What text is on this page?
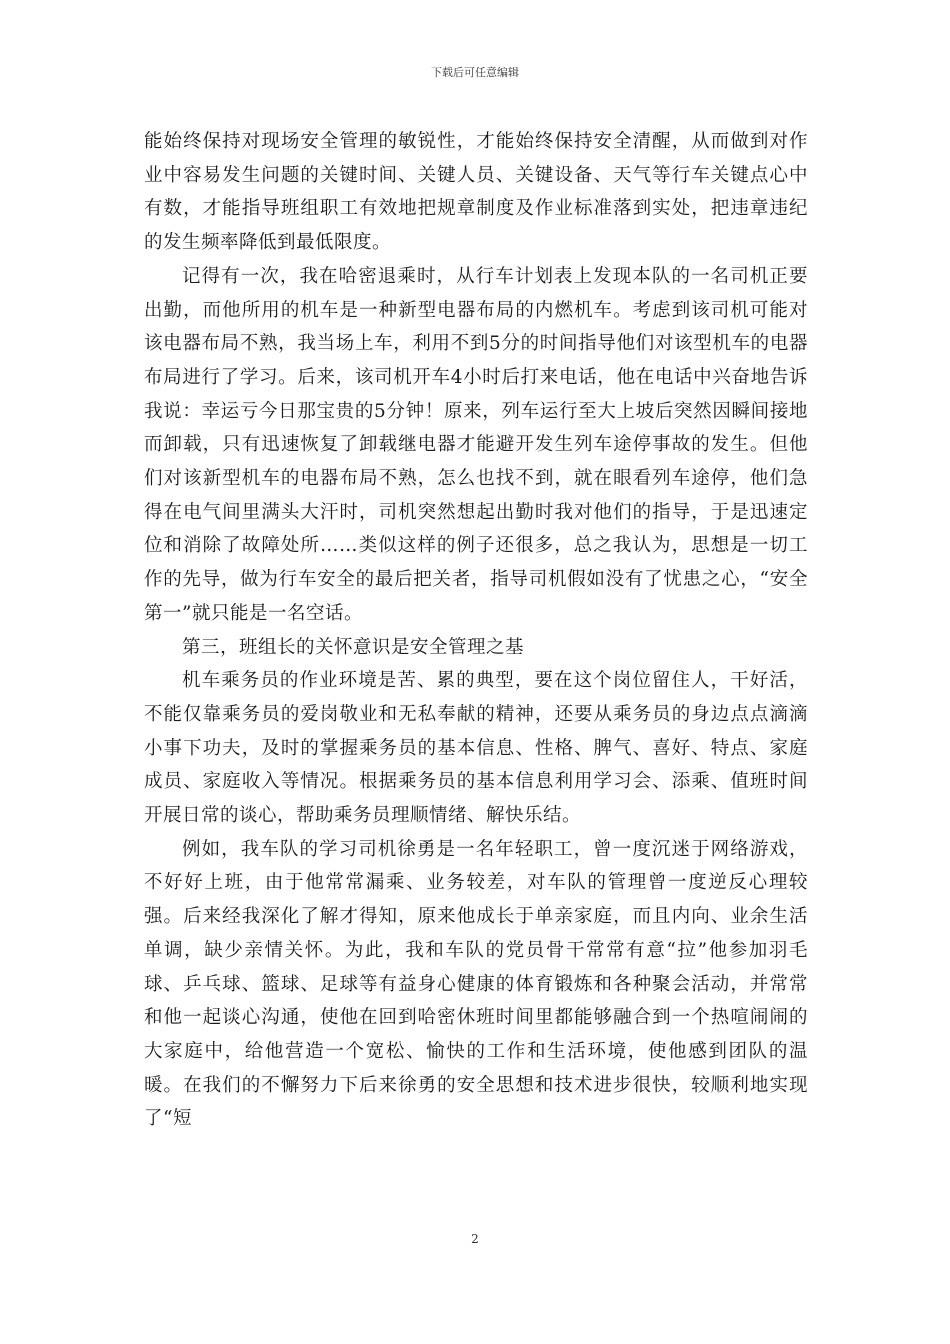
下载后可任意编辑

能始终保持对现场安全管理的敏锐性，才能始终保持安全清醒，从而做到对作业中容易发生问题的关键时间、关键人员、关键设备、天气等行车关键点心中有数，才能指导班组职工有效地把规章制度及作业标准落到实处，把违章违纪的发生频率降低到最低限度。

记得有一次，我在哈密退乘时，从行车计划表上发现本队的一名司机正要出勤，而他所用的机车是一种新型电器布局的内燃机车。考虑到该司机可能对该电器布局不熟，我当场上车，利用不到5分的时间指导他们对该型机车的电器布局进行了学习。后来，该司机开车4小时后打来电话，他在电话中兴奋地告诉我说：幸运亏今日那宝贵的5分钟！原来，列车运行至大上坡后突然因瞬间接地而卸载，只有迅速恢复了卸载继电器才能避开发生列车途停事故的发生。但他们对该新型机车的电器布局不熟，怎么也找不到，就在眼看列车途停，他们急得在电气间里满头大汗时，司机突然想起出勤时我对他们的指导，于是迅速定位和消除了故障处所……类似这样的例子还很多，总之我认为，思想是一切工作的先导，做为行车安全的最后把关者，指导司机假如没有了忧患之心，“安全第一”就只能是一名空话。

第三，班组长的关怀意识是安全管理之基

机车乘务员的作业环境是苦、累的典型，要在这个岗位留住人，干好活，不能仅靠乘务员的爱岗敬业和无私奉献的精神，还要从乘务员的身边点点滴滴小事下功夫，及时的掌握乘务员的基本信息、性格、脾气、喜好、特点、家庭成员、家庭收入等情况。根据乘务员的基本信息利用学习会、添乘、值班时间开展日常的谈心，帮助乘务员理顺情绪、解快乐结。

例如，我车队的学习司机徐勇是一名年轻职工，曾一度沉迷于网络游戏，不好好上班，由于他常常漏乘、业务较差，对车队的管理曾一度逆反心理较强。后来经我深化了解才得知，原来他成长于单亲家庭，而且内向、业余生活单调，缺少亲情关怀。为此，我和车队的党员骨干常常有意“拉”他参加羽毛球、乒乓球、篮球、足球等有益身心健康的体育锻炼和各种聚会活动，并常常和他一起谈心沟通，使他在回到哈密休班时间里都能够融合到一个热喧闹闹的大家庭中，给他营造一个宽松、愉快的工作和生活环境，使他感到团队的温暖。在我们的不懈努力下后来徐勇的安全思想和技术进步很快，较顺利地实现了“短

2
